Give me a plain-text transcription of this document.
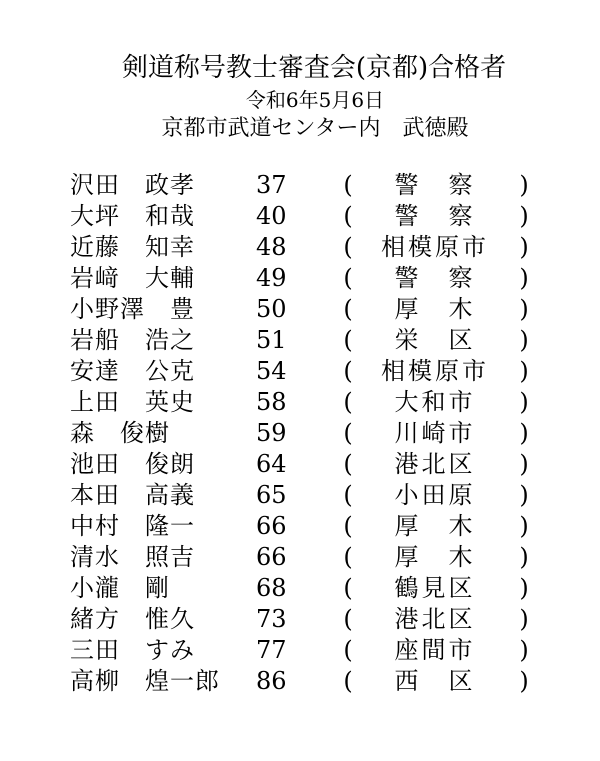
剣道称号教士審査会(京都)合格者
令和6年5月6日
京都市武道センター内　武徳殿
沢田　政孝	37	(	警　察	)
大坪　和哉	40	(	警　察	)
近藤　知幸	48	(	相模原市	)
岩﨑　大輔	49	(	警　察	)
小野澤　豊	50	(	厚　木	)
岩船　浩之	51	(	栄　区	)
安達　公克	54	(	相模原市	)
上田　英史	58	(	大和市	)
森　俊樹	59	(	川崎市	)
池田　俊朗	64	(	港北区	)
本田　高義	65	(	小田原	)
中村　隆一	66	(	厚　木	)
清水　照吉	66	(	厚　木	)
小瀧　剛	68	(	鶴見区	)
緒方　惟久	73	(	港北区	)
三田　すみ	77	(	座間市	)
高柳　煌一郎	86	(	西　区	)
